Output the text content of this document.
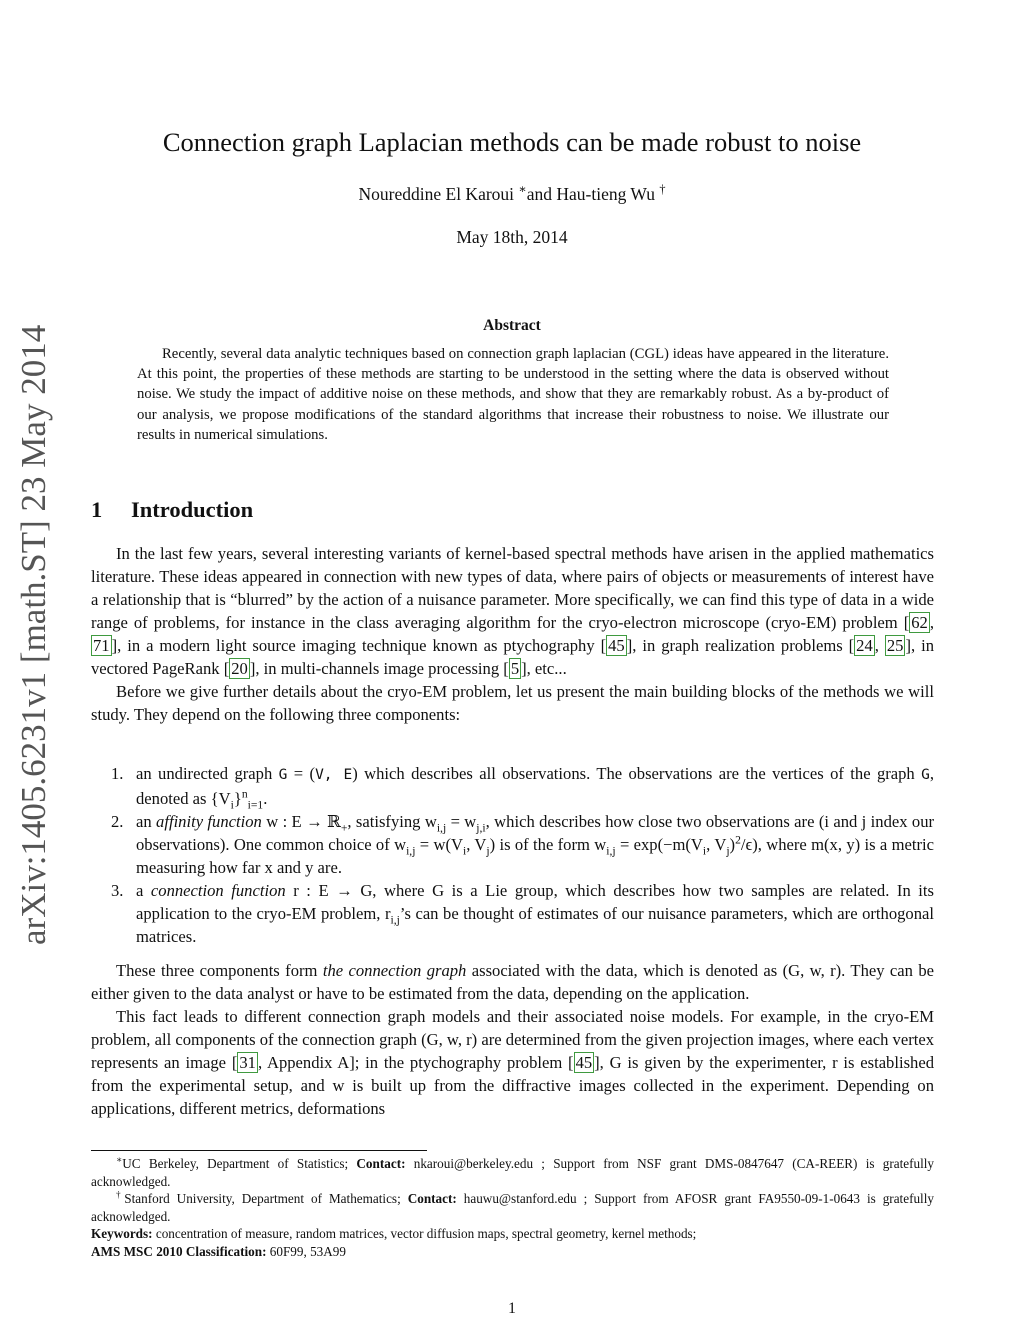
arXiv:1405.6231v1 [math.ST] 23 May 2014
Connection graph Laplacian methods can be made robust to noise
Noureddine El Karoui ∗and Hau-tieng Wu †
May 18th, 2014
Abstract

Recently, several data analytic techniques based on connection graph laplacian (CGL) ideas have appeared in the literature. At this point, the properties of these methods are starting to be understood in the setting where the data is observed without noise. We study the impact of additive noise on these methods, and show that they are remarkably robust. As a by-product of our analysis, we propose modifications of the standard algorithms that increase their robustness to noise. We illustrate our results in numerical simulations.

1 Introduction

In the last few years, several interesting variants of kernel-based spectral methods have arisen in the applied mathematics literature. These ideas appeared in connection with new types of data, where pairs of objects or measurements of interest have a relationship that is “blurred” by the action of a nuisance parameter. More specifically, we can find this type of data in a wide range of problems, for instance in the class averaging algorithm for the cryo-electron microscope (cryo-EM) problem [ 62 , 71 ], in a modern light source imaging technique known as ptychography [ 45 ], in graph realization problems [ 24 , 25 ], in vectored PageRank [ 20 ], in multi-channels image processing [ 5 ], etc...

Before we give further details about the cryo-EM problem, let us present the main building blocks of the methods we will study. They depend on the following three components:

1. an undirected graph G = (V, E) which describes all observations. The observations are the vertices of the graph G, denoted as $\{V_i\}^n_{i=1}$.
2. an affinity function w : E → ℝ$_+$, satisfying $w_{i,j} = w_{j,i}$, which describes how close two observations are (i and j index our observations). One common choice of $w_{i,j} = w(V_i$, $V_j$) is of the form $w_{i,j} = \exp(-m(V_i$, $V_j)^2/\epsilon$), where m(x, y) is a metric measuring how far x and y are.
3. a connection function r : E → G, where G is a Lie group, which describes how two samples are related. In its application to the cryo-EM problem, $r_{i,j}’s$ can be thought of estimates of our nuisance parameters, which are orthogonal matrices.

These three components form the connection graph associated with the data, which is denoted as (G, w, r). They can be either given to the data analyst or have to be estimated from the data, depending on the application.

This fact leads to different connection graph models and their associated noise models. For example, in the cryo-EM problem, all components of the connection graph (G, w, r) are determined from the given projection images, where each vertex represents an image [ 31 , Appendix A]; in the ptychography problem [ 45 ], G is given by the experimenter, r is established from the experimental setup, and w is built up from the diffractive images collected in the experiment. Depending on applications, different metrics, deformations

∗UC Berkeley, Department of Statistics; Contact: nkaroui@berkeley.edu ; Support from NSF grant DMS-0847647 (CA-REER) is gratefully acknowledged.

†Stanford University, Department of Mathematics; Contact: hauwu@stanford.edu ; Support from AFOSR grant FA9550-09-1-0643 is gratefully acknowledged.

Keywords: concentration of measure, random matrices, vector diffusion maps, spectral geometry, kernel methods;

AMS MSC 2010 Classification: 60F99, 53A99

1
